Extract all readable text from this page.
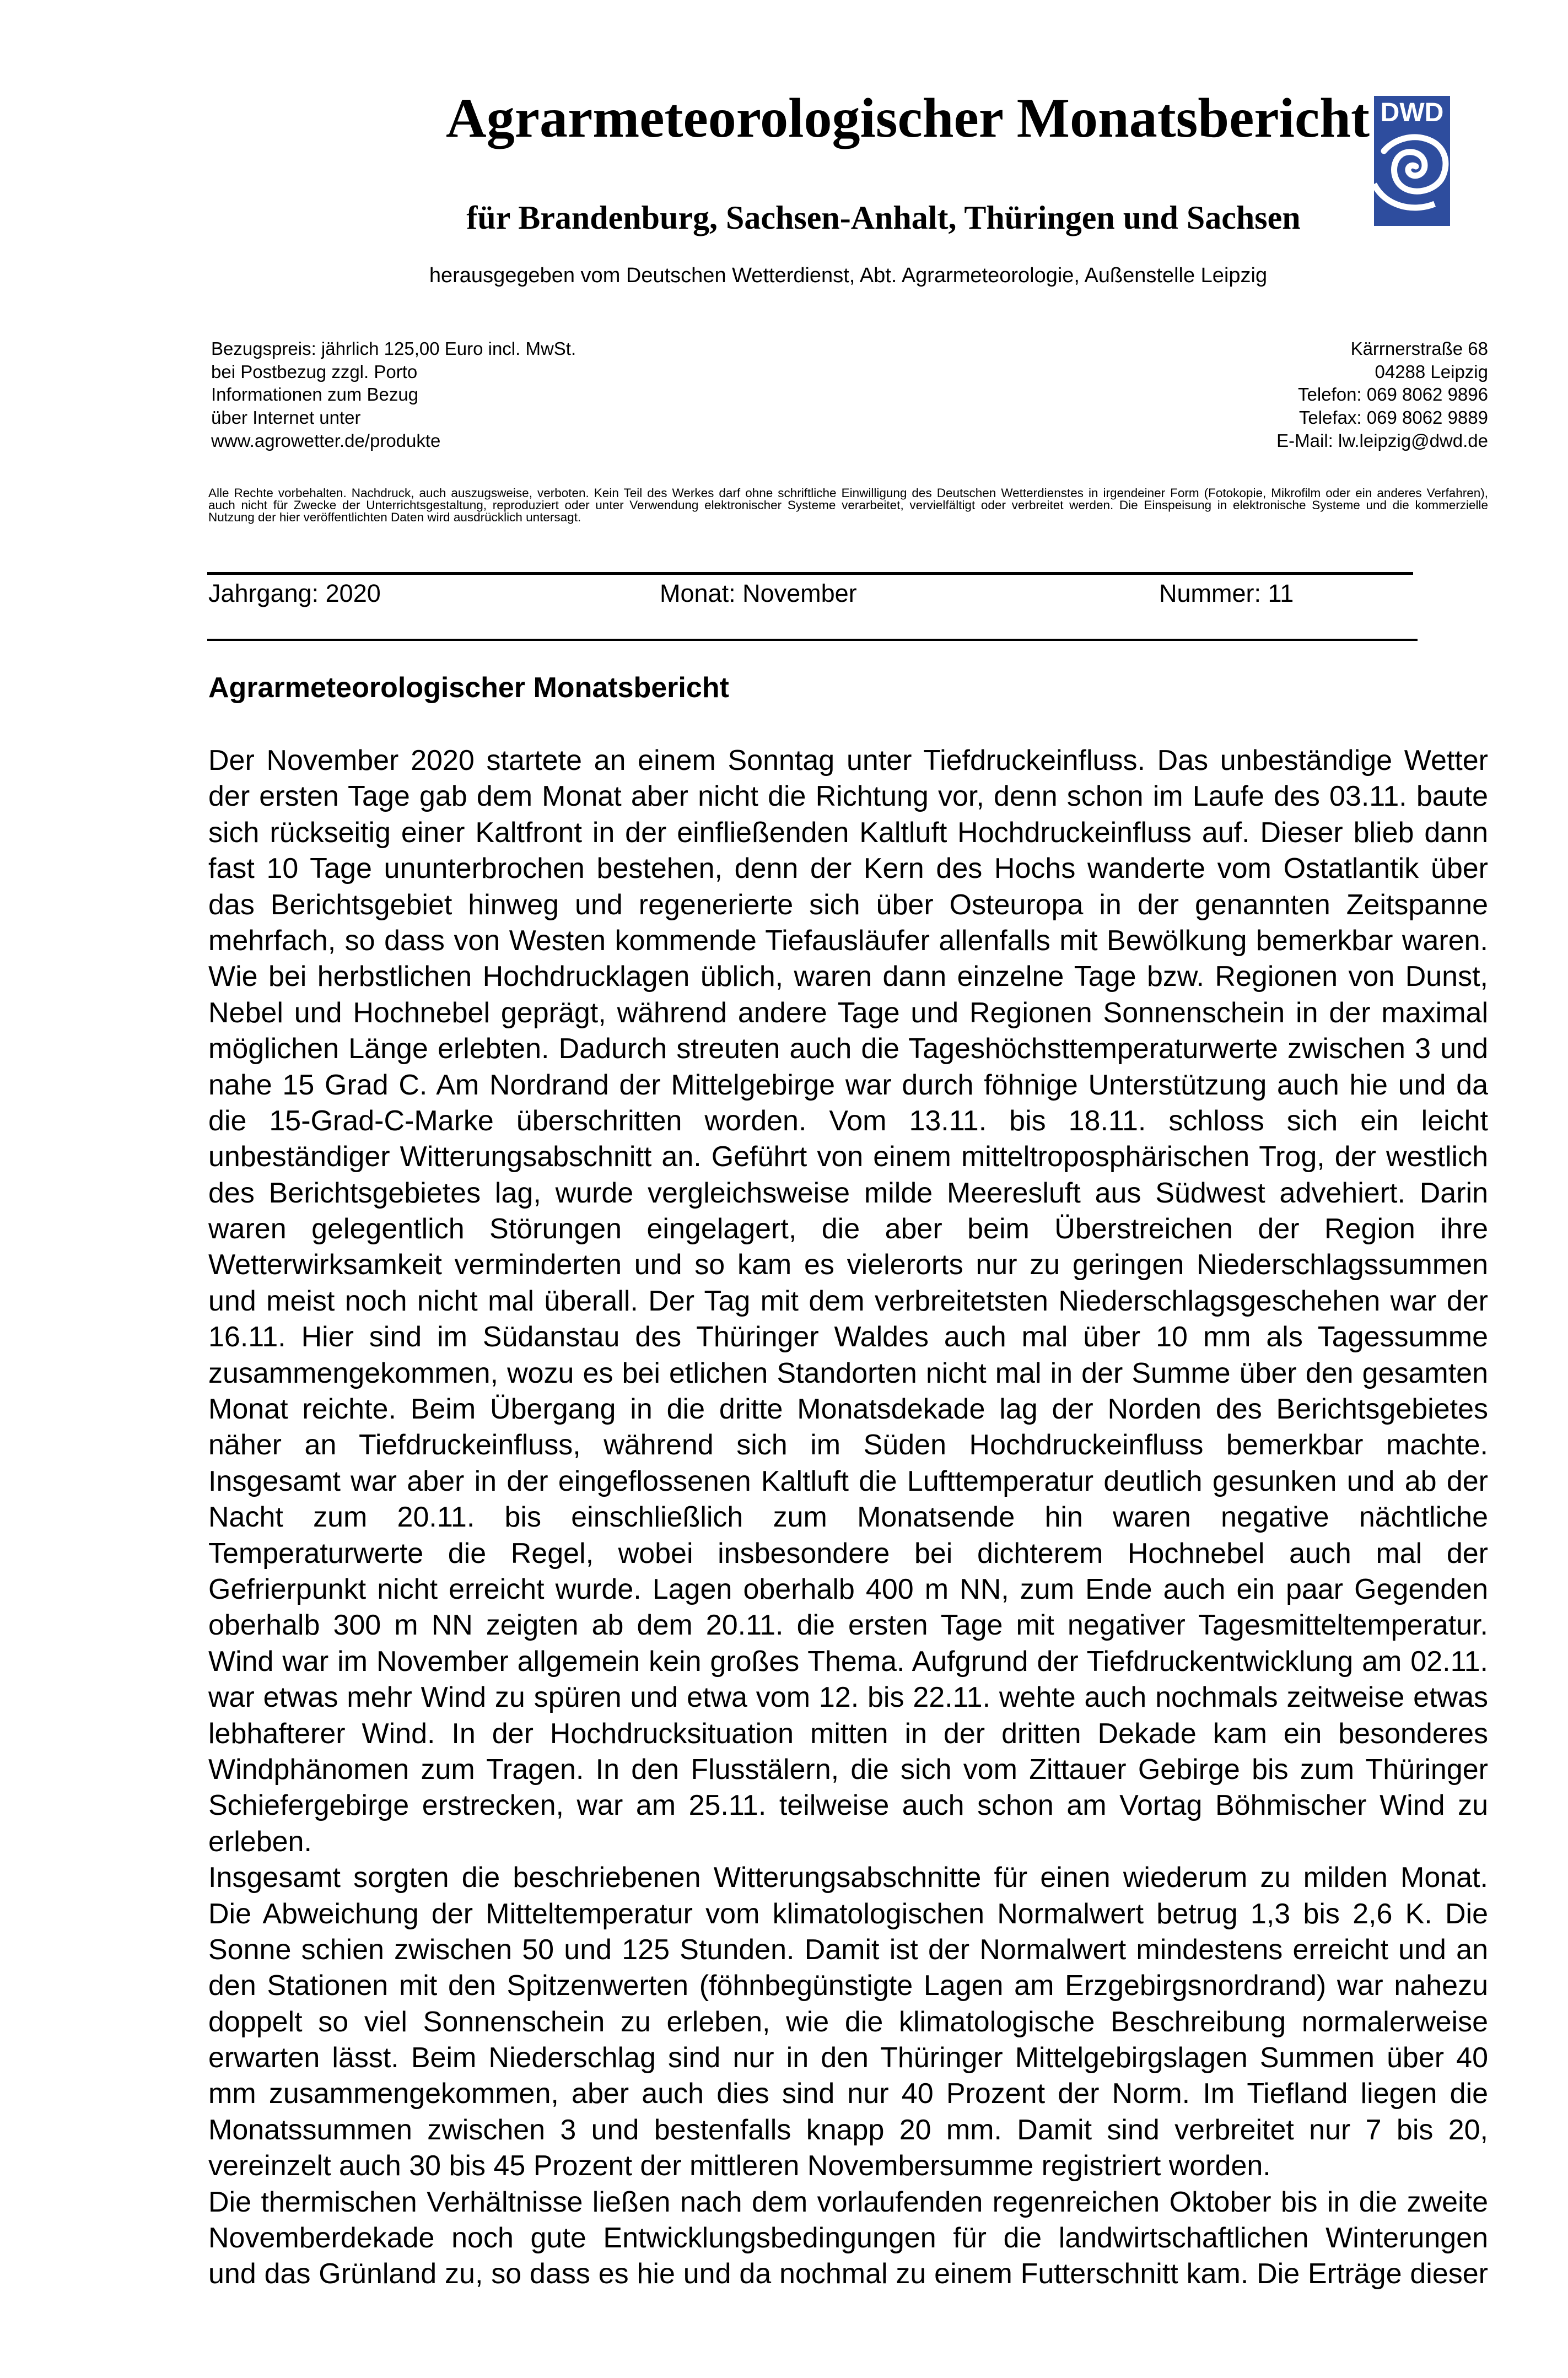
Agrarmeteorologischer Monatsbericht
für Brandenburg, Sachsen-Anhalt, Thüringen und Sachsen
herausgegeben vom Deutschen Wetterdienst, Abt. Agrarmeteorologie, Außenstelle Leipzig
DWD
Bezugspreis: jährlich 125,00 Euro incl. MwSt.
bei Postbezug zzgl. Porto
Informationen zum Bezug
über Internet unter
www.agrowetter.de/produkte
Kärrnerstraße 68
04288 Leipzig
Telefon: 069 8062 9896
Telefax: 069 8062 9889
E-Mail: lw.leipzig@dwd.de
Alle Rechte vorbehalten. Nachdruck, auch auszugsweise, verboten. Kein Teil des Werkes darf ohne schriftliche Einwilligung des Deutschen Wetterdienstes in irgendeiner Form (Fotokopie, Mikrofilm oder ein anderes Verfahren),
auch nicht für Zwecke der Unterrichtsgestaltung, reproduziert oder unter Verwendung elektronischer Systeme verarbeitet, vervielfältigt oder verbreitet werden. Die Einspeisung in elektronische Systeme und die kommerzielle
Nutzung der hier veröffentlichten Daten wird ausdrücklich untersagt.
Jahrgang: 2020	Monat: November	Nummer: 11
Agrarmeteorologischer Monatsbericht
Der November 2020 startete an einem Sonntag unter Tiefdruckeinfluss. Das unbeständige Wetter
der ersten Tage gab dem Monat aber nicht die Richtung vor, denn schon im Laufe des 03.11. baute
sich rückseitig einer Kaltfront in der einfließenden Kaltluft Hochdruckeinfluss auf. Dieser blieb dann
fast 10 Tage ununterbrochen bestehen, denn der Kern des Hochs wanderte vom Ostatlantik über
das Berichtsgebiet hinweg und regenerierte sich über Osteuropa in der genannten Zeitspanne
mehrfach, so dass von Westen kommende Tiefausläufer allenfalls mit Bewölkung bemerkbar waren.
Wie bei herbstlichen Hochdrucklagen üblich, waren dann einzelne Tage bzw. Regionen von Dunst,
Nebel und Hochnebel geprägt, während andere Tage und Regionen Sonnenschein in der maximal
möglichen Länge erlebten. Dadurch streuten auch die Tageshöchsttemperaturwerte zwischen 3 und
nahe 15 Grad C. Am Nordrand der Mittelgebirge war durch föhnige Unterstützung auch hie und da
die 15-Grad-C-Marke überschritten worden. Vom 13.11. bis 18.11. schloss sich ein leicht
unbeständiger Witterungsabschnitt an. Geführt von einem mitteltroposphärischen Trog, der westlich
des Berichtsgebietes lag, wurde vergleichsweise milde Meeresluft aus Südwest advehiert. Darin
waren gelegentlich Störungen eingelagert, die aber beim Überstreichen der Region ihre
Wetterwirksamkeit verminderten und so kam es vielerorts nur zu geringen Niederschlagssummen
und meist noch nicht mal überall. Der Tag mit dem verbreitetsten Niederschlagsgeschehen war der
16.11. Hier sind im Südanstau des Thüringer Waldes auch mal über 10 mm als Tagessumme
zusammengekommen, wozu es bei etlichen Standorten nicht mal in der Summe über den gesamten
Monat reichte. Beim Übergang in die dritte Monatsdekade lag der Norden des Berichtsgebietes
näher an Tiefdruckeinfluss, während sich im Süden Hochdruckeinfluss bemerkbar machte.
Insgesamt war aber in der eingeflossenen Kaltluft die Lufttemperatur deutlich gesunken und ab der
Nacht zum 20.11. bis einschließlich zum Monatsende hin waren negative nächtliche
Temperaturwerte die Regel, wobei insbesondere bei dichterem Hochnebel auch mal der
Gefrierpunkt nicht erreicht wurde. Lagen oberhalb 400 m NN, zum Ende auch ein paar Gegenden
oberhalb 300 m NN zeigten ab dem 20.11. die ersten Tage mit negativer Tagesmitteltemperatur.
Wind war im November allgemein kein großes Thema. Aufgrund der Tiefdruckentwicklung am 02.11.
war etwas mehr Wind zu spüren und etwa vom 12. bis 22.11. wehte auch nochmals zeitweise etwas
lebhafterer Wind. In der Hochdrucksituation mitten in der dritten Dekade kam ein besonderes
Windphänomen zum Tragen. In den Flusstälern, die sich vom Zittauer Gebirge bis zum Thüringer
Schiefergebirge erstrecken, war am 25.11. teilweise auch schon am Vortag Böhmischer Wind zu
erleben.
Insgesamt sorgten die beschriebenen Witterungsabschnitte für einen wiederum zu milden Monat.
Die Abweichung der Mitteltemperatur vom klimatologischen Normalwert betrug 1,3 bis 2,6 K. Die
Sonne schien zwischen 50 und 125 Stunden. Damit ist der Normalwert mindestens erreicht und an
den Stationen mit den Spitzenwerten (föhnbegünstigte Lagen am Erzgebirgsnordrand) war nahezu
doppelt so viel Sonnenschein zu erleben, wie die klimatologische Beschreibung normalerweise
erwarten lässt. Beim Niederschlag sind nur in den Thüringer Mittelgebirgslagen Summen über 40
mm zusammengekommen, aber auch dies sind nur 40 Prozent der Norm. Im Tiefland liegen die
Monatssummen zwischen 3 und bestenfalls knapp 20 mm. Damit sind verbreitet nur 7 bis 20,
vereinzelt auch 30 bis 45 Prozent der mittleren Novembersumme registriert worden.
Die thermischen Verhältnisse ließen nach dem vorlaufenden regenreichen Oktober bis in die zweite
Novemberdekade noch gute Entwicklungsbedingungen für die landwirtschaftlichen Winterungen
und das Grünland zu, so dass es hie und da nochmal zu einem Futterschnitt kam. Die Erträge dieser
